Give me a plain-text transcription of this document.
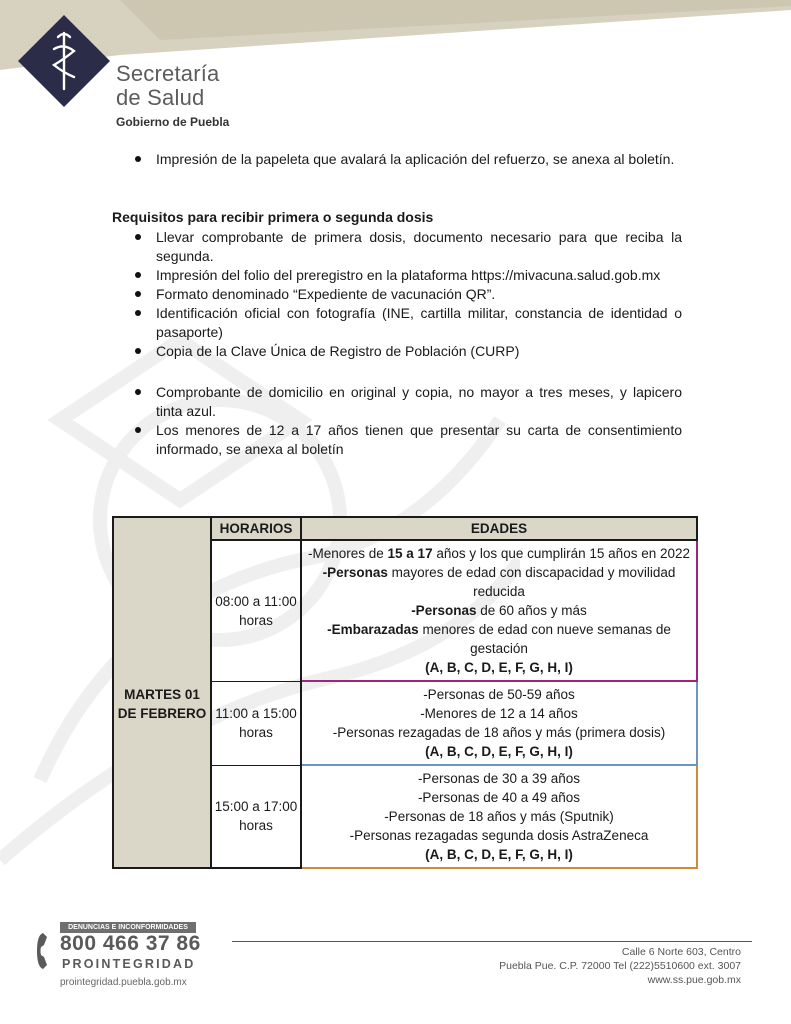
Secretaría
de Salud
Gobierno de Puebla
Impresión de la papeleta que avalará la aplicación del refuerzo, se anexa al boletín.
Requisitos para recibir primera o segunda dosis
Llevar comprobante de primera dosis, documento necesario para que reciba la segunda.
Impresión del folio del preregistro en la plataforma https://mivacuna.salud.gob.mx
Formato denominado “Expediente de vacunación QR”.
Identificación oficial con fotografía (INE, cartilla militar, constancia de identidad o pasaporte)
Copia de la Clave Única de Registro de Población (CURP)
Comprobante de domicilio en original y copia, no mayor a tres meses, y lapicero tinta azul.
Los menores de 12 a 17 años tienen que presentar su carta de consentimiento informado, se anexa al boletín
	HORARIOS	EDADES
MARTES 01 DE FEBRERO	08:00 a 11:00 horas	-Menores de 15 a 17 años y los que cumplirán 15 años en 2022
-Personas mayores de edad con discapacidad y movilidad reducida
-Personas de 60 años y más
-Embarazadas menores de edad con nueve semanas de gestación
(A, B, C, D, E, F, G, H, I)

	11:00 a 15:00 horas	-Personas de 50-59 años
-Menores de 12 a 14 años
-Personas rezagadas de 18 años y más (primera dosis)
(A, B, C, D, E, F, G, H, I)

	15:00 a 17:00 horas	-Personas de 30 a 39 años
-Personas de 40 a 49 años
-Personas de 18 años y más (Sputnik)
-Personas rezagadas segunda dosis AstraZeneca
(A, B, C, D, E, F, G, H, I)
DENUNCIAS E INCONFORMIDADES
800 466 37 86
PROINTEGRIDAD
prointegridad.puebla.gob.mx
Calle 6 Norte 603, Centro
Puebla Pue. C.P. 72000 Tel (222)5510600 ext. 3007
www.ss.pue.gob.mx
